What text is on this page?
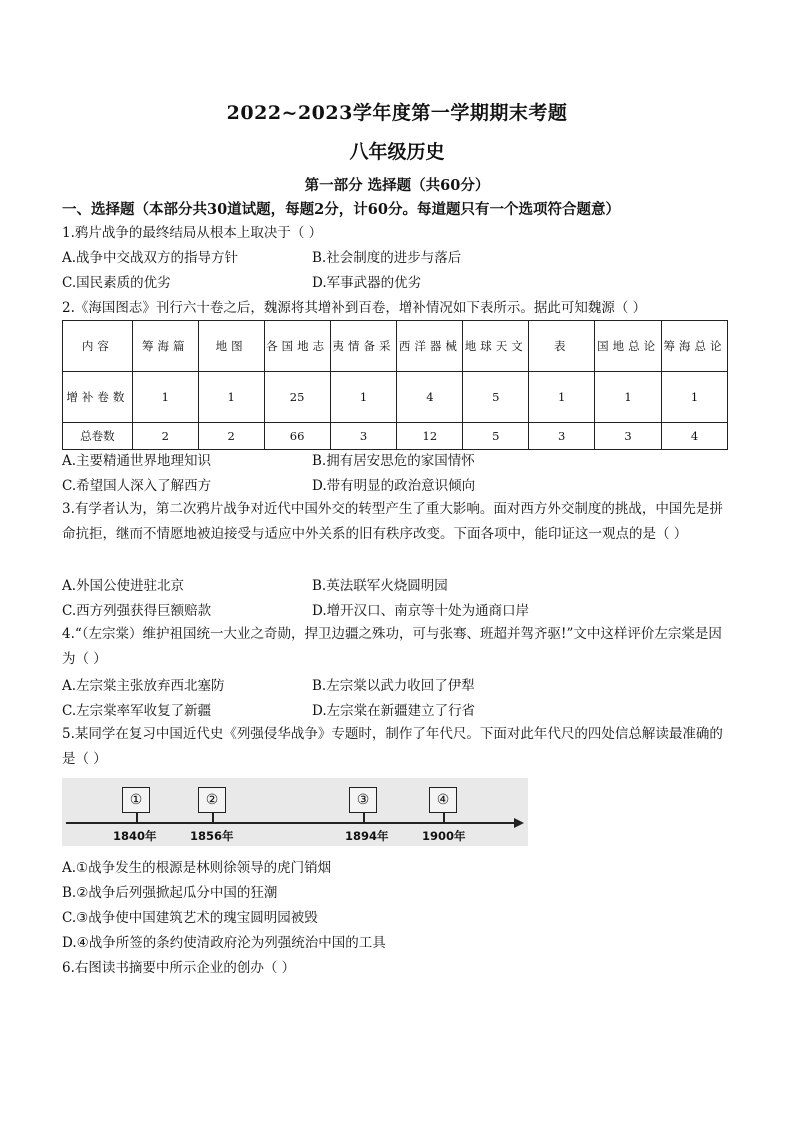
2022~2023学年度第一学期期末考题
八年级历史
第一部分 选择题（共60分）
一、选择题（本部分共30道试题，每题2分，计60分。每道题只有一个选项符合题意）
1.鸦片战争的最终结局从根本上取决于（ ）
A.战争中交战双方的指导方针	B.社会制度的进步与落后
C.国民素质的优劣	D.军事武器的优劣
2.《海国图志》刊行六十卷之后，魏源将其增补到百卷，增补情况如下表所示。据此可知魏源（ ）
内容	筹海篇	地图	各国地志	夷情备采	西洋器械	地球天文	表	国地总论	筹海总论
增补卷数	1	1	25	1	4	5	1	1	1
总卷数	2	2	66	3	12	5	3	3	4
A.主要精通世界地理知识	B.拥有居安思危的家国情怀
C.希望国人深入了解西方	D.带有明显的政治意识倾向
3.有学者认为，第二次鸦片战争对近代中国外交的转型产生了重大影响。面对西方外交制度的挑战，中国先是拼命抗拒，继而不情愿地被迫接受与适应中外关系的旧有秩序改变。下面各项中，能印证这一观点的是（ ）
A.外国公使进驻北京	B.英法联军火烧圆明园
C.西方列强获得巨额赔款	D.增开汉口、南京等十处为通商口岸
4.“（左宗棠）维护祖国统一大业之奇勋，捍卫边疆之殊功，可与张骞、班超并驾齐驱!”文中这样评价左宗棠是因为（ ）
A.左宗棠主张放弃西北塞防	B.左宗棠以武力收回了伊犁
C.左宗棠率军收复了新疆	D.左宗棠在新疆建立了行省
5.某同学在复习中国近代史《列强侵华战争》专题时，制作了年代尺。下面对此年代尺的四处信总解读最准确的是（ ）
①
1840年
②
1856年
③
1894年
④
1900年
A.①战争发生的根源是林则徐领导的虎门销烟
B.②战争后列强掀起瓜分中国的狂潮
C.③战争使中国建筑艺术的瑰宝圆明园被毁
D.④战争所签的条约使清政府沦为列强统治中国的工具
6.右图读书摘要中所示企业的创办（ ）
